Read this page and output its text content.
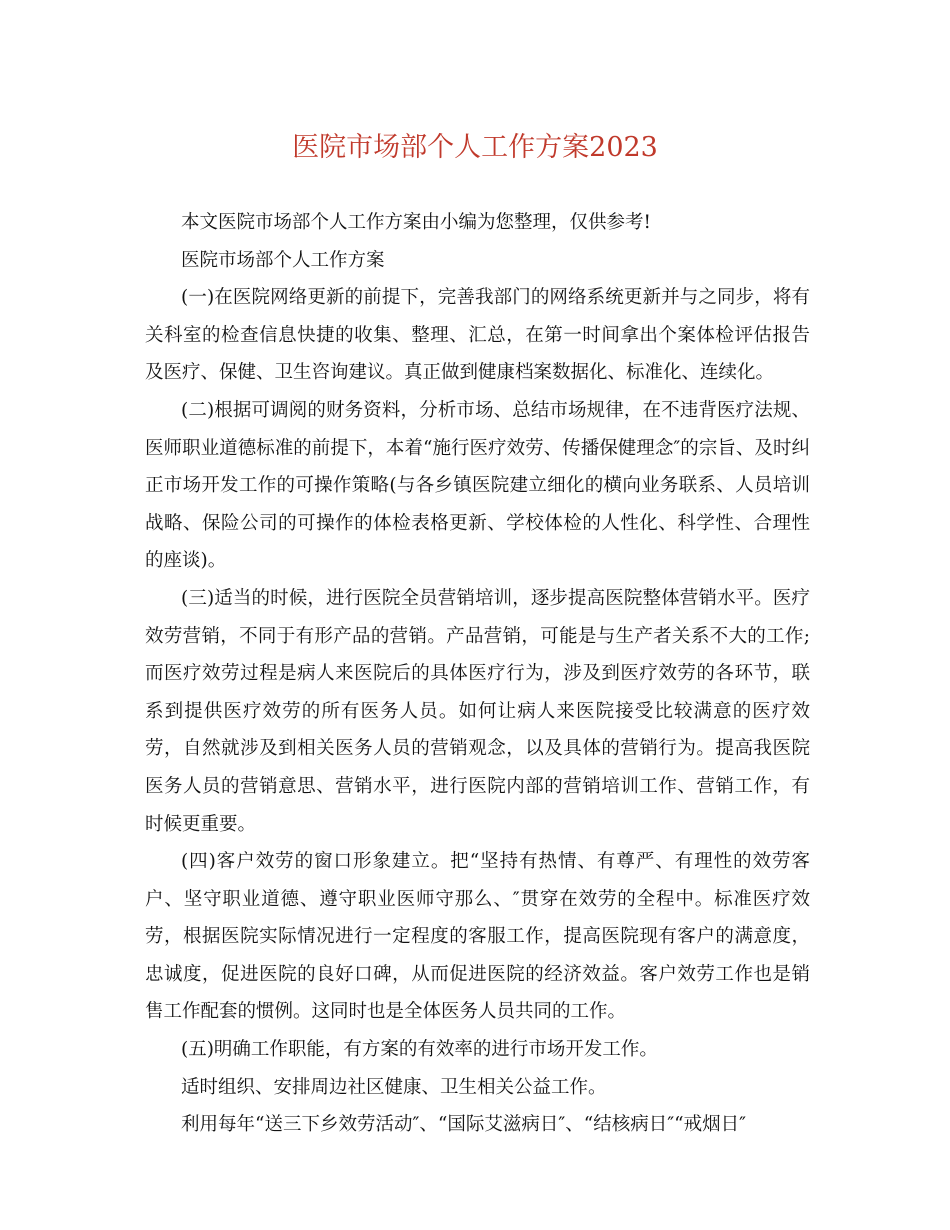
医院市场部个人工作方案2023

本文医院市场部个人工作方案由小编为您整理，仅供参考!

医院市场部个人工作方案

(一)在医院网络更新的前提下，完善我部门的网络系统更新并与之同步，将有关科室的检查信息快捷的收集、整理、汇总，在第一时间拿出个案体检评估报告及医疗、保健、卫生咨询建议。真正做到健康档案数据化、标准化、连续化。

(二)根据可调阅的财务资料，分析市场、总结市场规律，在不违背医疗法规、医师职业道德标准的前提下，本着“施行医疗效劳、传播保健理念″的宗旨、及时纠正市场开发工作的可操作策略(与各乡镇医院建立细化的横向业务联系、人员培训战略、保险公司的可操作的体检表格更新、学校体检的人性化、科学性、合理性的座谈)。

(三)适当的时候，进行医院全员营销培训，逐步提高医院整体营销水平。医疗效劳营销，不同于有形产品的营销。产品营销，可能是与生产者关系不大的工作;而医疗效劳过程是病人来医院后的具体医疗行为，涉及到医疗效劳的各环节，联系到提供医疗效劳的所有医务人员。如何让病人来医院接受比较满意的医疗效劳，自然就涉及到相关医务人员的营销观念，以及具体的营销行为。提高我医院医务人员的营销意思、营销水平，进行医院内部的营销培训工作、营销工作，有时候更重要。

(四)客户效劳的窗口形象建立。把“坚持有热情、有尊严、有理性的效劳客户、坚守职业道德、遵守职业医师守那么、″贯穿在效劳的全程中。标准医疗效劳，根据医院实际情况进行一定程度的客服工作，提高医院现有客户的满意度，忠诚度，促进医院的良好口碑，从而促进医院的经济效益。客户效劳工作也是销售工作配套的惯例。这同时也是全体医务人员共同的工作。

(五)明确工作职能，有方案的有效率的进行市场开发工作。

适时组织、安排周边社区健康、卫生相关公益工作。

利用每年“送三下乡效劳活动″、“国际艾滋病日″、“结核病日″“戒烟日″
